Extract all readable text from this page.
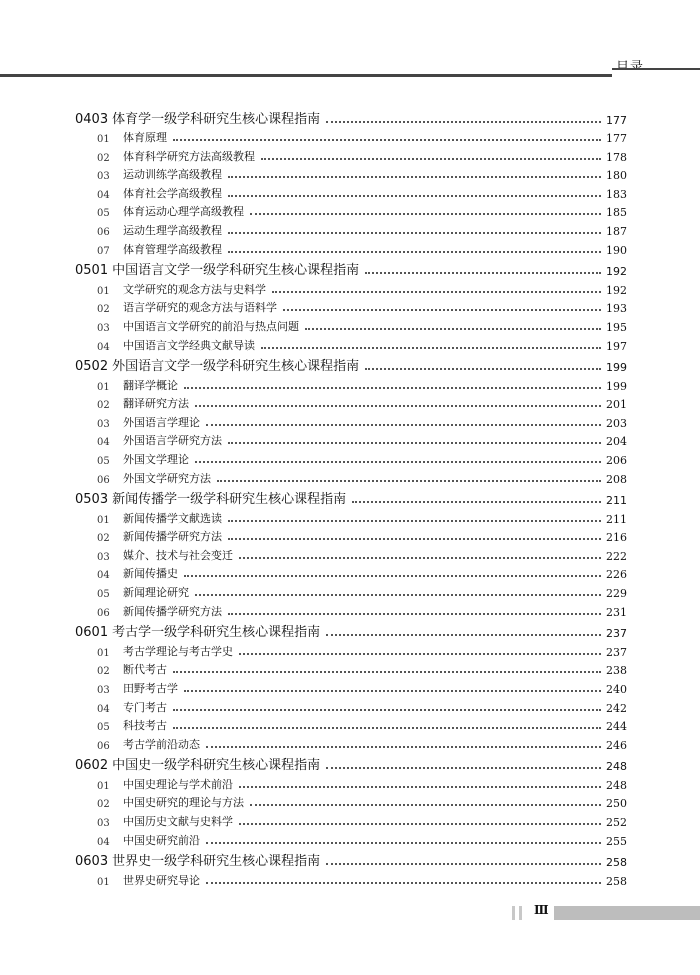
0403 体育学一级学科研究生核心课程指南	177
01	体育原理	177
02	体育科学研究方法高级教程	178
03	运动训练学高级教程	180
04	体育社会学高级教程	183
05	体育运动心理学高级教程	185
06	运动生理学高级教程	187
07	体育管理学高级教程	190
0501 中国语言文学一级学科研究生核心课程指南	192
01	文学研究的观念方法与史料学	192
02	语言学研究的观念方法与语料学	193
03	中国语言文学研究的前沿与热点问题	195
04	中国语言文学经典文献导读	197
0502 外国语言文学一级学科研究生核心课程指南	199
01	翻译学概论	199
02	翻译研究方法	201
03	外国语言学理论	203
04	外国语言学研究方法	204
05	外国文学理论	206
06	外国文学研究方法	208
0503 新闻传播学一级学科研究生核心课程指南	211
01	新闻传播学文献选读	211
02	新闻传播学研究方法	216
03	媒介、技术与社会变迁	222
04	新闻传播史	226
05	新闻理论研究	229
06	新闻传播学研究方法	231
0601 考古学一级学科研究生核心课程指南	237
01	考古学理论与考古学史	237
02	断代考古	238
03	田野考古学	240
04	专门考古	242
05	科技考古	244
06	考古学前沿动态	246
0602 中国史一级学科研究生核心课程指南	248
01	中国史理论与学术前沿	248
02	中国史研究的理论与方法	250
03	中国历史文献与史料学	252
04	中国史研究前沿	255
0603 世界史一级学科研究生核心课程指南	258
01	世界史研究导论	258
Ⅲ
